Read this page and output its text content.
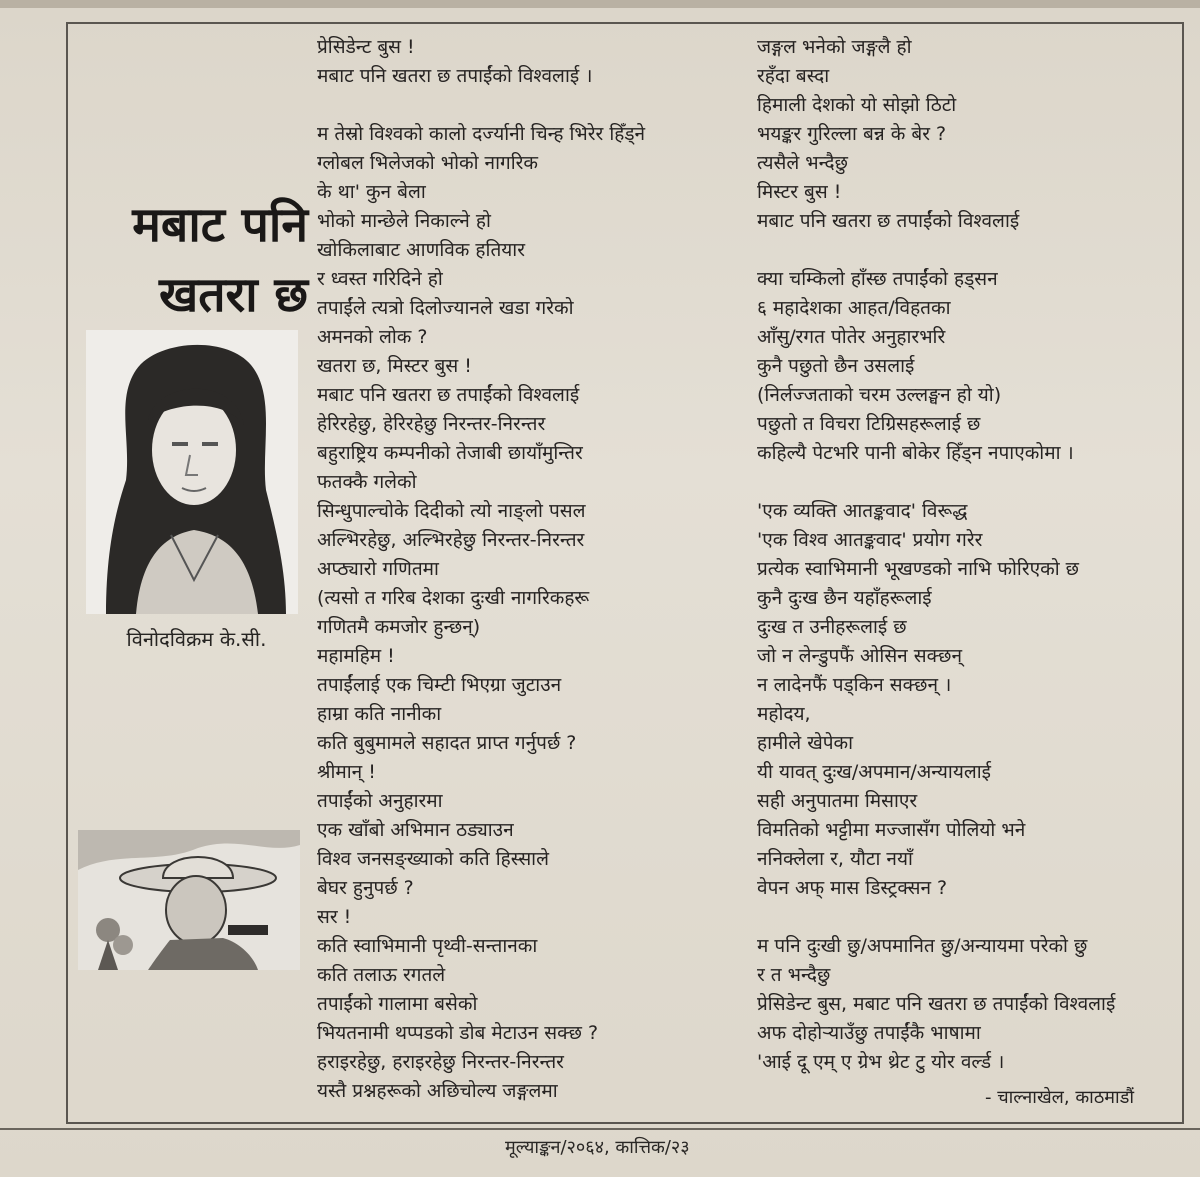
मबाट पनि
खतरा छ
विनोदविक्रम के.सी.
प्रेसिडेन्ट बुस !
मबाट पनि खतरा छ तपाईंको विश्वलाई ।
म तेस्रो विश्वको कालो दर्ज्यानी चिन्ह भिरेर हिँड्ने
ग्लोबल भिलेजको भोको नागरिक
के था' कुन बेला
भोको मान्छेले निकाल्ने हो
खोकिलाबाट आणविक हतियार
र ध्वस्त गरिदिने हो
तपाईंले त्यत्रो दिलोज्यानले खडा गरेको
अमनको लोक ?
खतरा छ, मिस्टर बुस !
मबाट पनि खतरा छ तपाईंको विश्वलाई
हेरिरहेछु, हेरिरहेछु निरन्तर-निरन्तर
बहुराष्ट्रिय कम्पनीको तेजाबी छायाँमुन्तिर
फतक्कै गलेको
सिन्धुपाल्चोके दिदीको त्यो नाङ्लो पसल
अल्भिरहेछु, अल्भिरहेछु निरन्तर-निरन्तर
अप्ठ्यारो गणितमा
(त्यसो त गरिब देशका दुःखी नागरिकहरू
गणितमै कमजोर हुन्छन्)
महामहिम !
तपाईंलाई एक चिम्टी भिएग्रा जुटाउन
हाम्रा कति नानीका
कति बुबुमामले सहादत प्राप्त गर्नुपर्छ ?
श्रीमान् !
तपाईंको अनुहारमा
एक खाँबो अभिमान ठड्याउन
विश्व जनसङ्ख्याको कति हिस्साले
बेघर हुनुपर्छ ?
सर !
कति स्वाभिमानी पृथ्वी-सन्तानका
कति तलाऊ रगतले
तपाईंको गालामा बसेको
भियतनामी थप्पडको डोब मेटाउन सक्छ ?
हराइरहेछु, हराइरहेछु निरन्तर-निरन्तर
यस्तै प्रश्नहरूको अछिचोल्य जङ्गलमा
जङ्गल भनेको जङ्गलै हो
रहँदा बस्दा
हिमाली देशको यो सोझो ठिटो
भयङ्कर गुरिल्ला बन्न के बेर ?
त्यसैले भन्दैछु
मिस्टर बुस !
मबाट पनि खतरा छ तपाईंको विश्वलाई
क्या चम्किलो हाँस्छ तपाईंको हड्सन
६ महादेशका आहत/विहतका
आँसु/रगत पोतेर अनुहारभरि
कुनै पछुतो छैन उसलाई
(निर्लज्जताको चरम उल्लङ्घन हो यो)
पछुतो त विचरा टिग्रिसहरूलाई छ
कहिल्यै पेटभरि पानी बोकेर हिँड्न नपाएकोमा ।
'एक व्यक्ति आतङ्कवाद' विरूद्ध
'एक विश्व आतङ्कवाद' प्रयोग गरेर
प्रत्येक स्वाभिमानी भूखण्डको नाभि फोरिएको छ
कुनै दुःख छैन यहाँहरूलाई
दुःख त उनीहरूलाई छ
जो न लेन्डुपफैं ओसिन सक्छन्
न लादेनफैं पड्किन सक्छन् ।
महोदय,
हामीले खेपेका
यी यावत् दुःख/अपमान/अन्यायलाई
सही अनुपातमा मिसाएर
विमतिको भट्टीमा मज्जासँग पोलियो भने
ननिक्लेला र, यौटा नयाँ
वेपन अफ् मास डिस्ट्रक्सन ?
म पनि दुःखी छु/अपमानित छु/अन्यायमा परेको छु
र त भन्दैछु
प्रेसिडेन्ट बुस, मबाट पनि खतरा छ तपाईंको विश्वलाई
अफ दोहोऱ्याउँछु तपाईंकै भाषामा
'आई दू एम् ए ग्रेभ थ्रेट टु योर वर्ल्ड ।
- चाल्नाखेल, काठमाडौं
मूल्याङ्कन/२०६४, कात्तिक/२३
